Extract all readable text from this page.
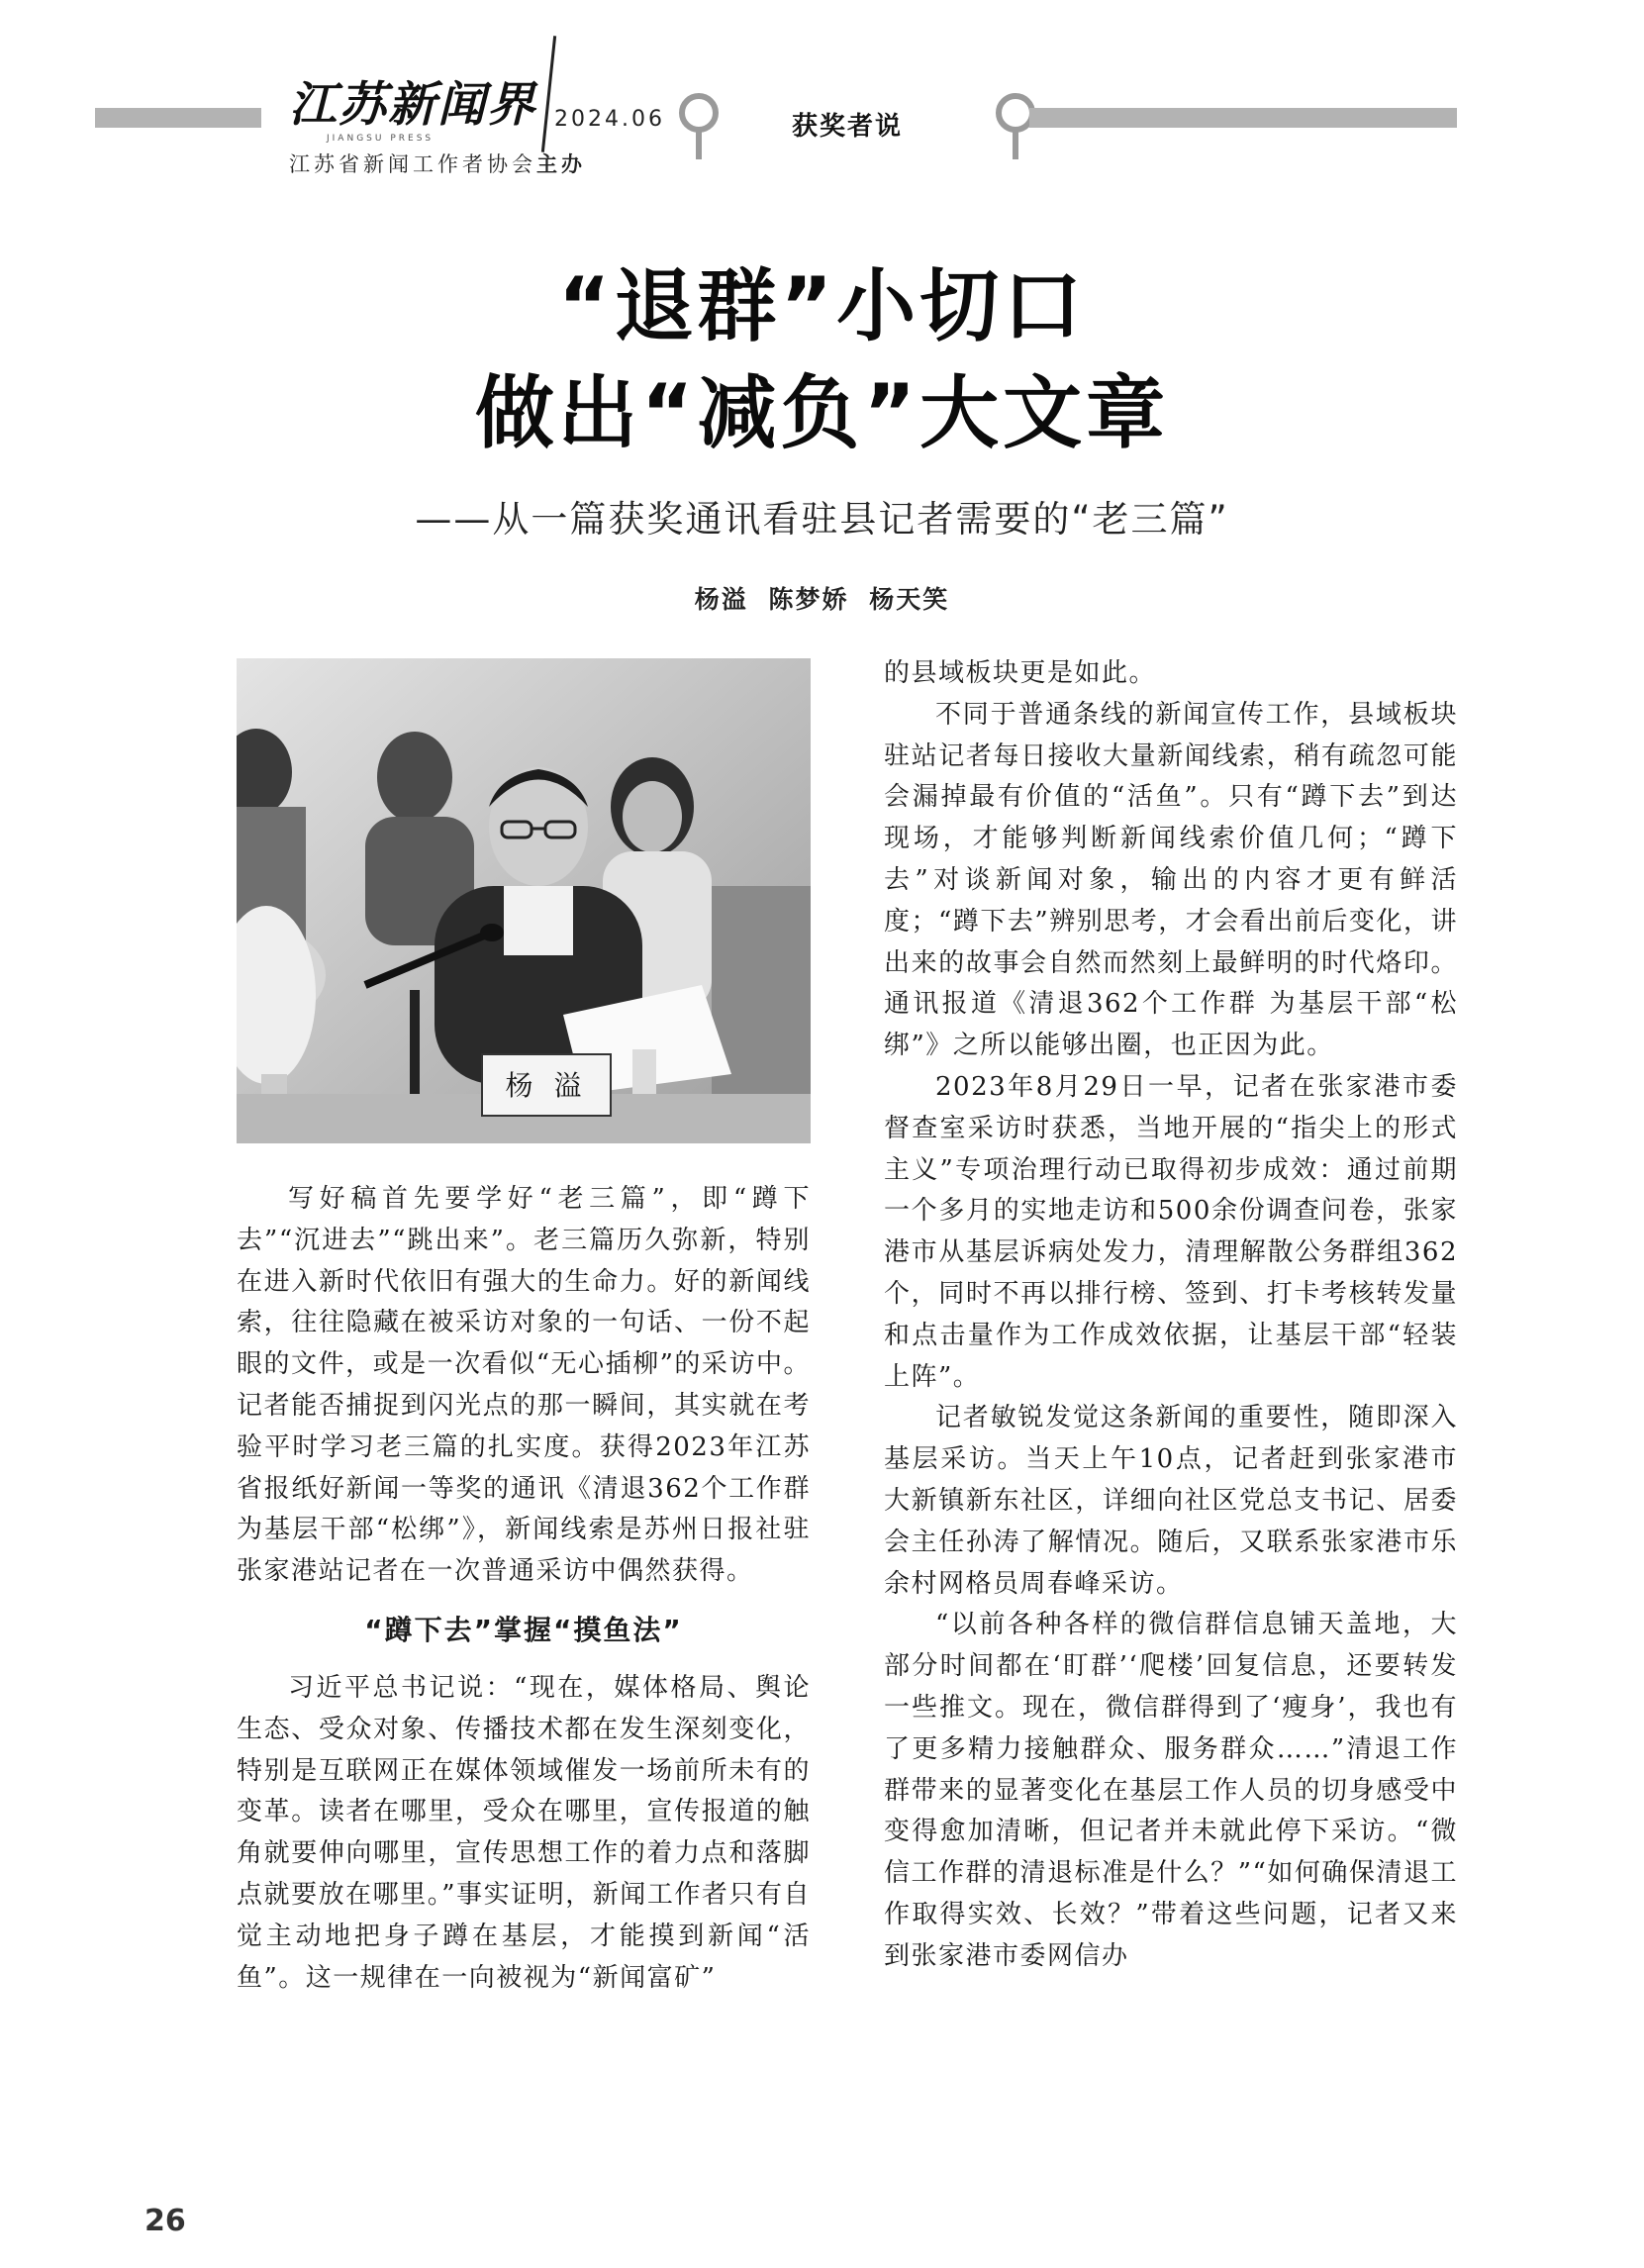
江苏新闻界
JIANGSU PRESS
2024.06
江苏省新闻工作者协会主办
获奖者说
“退群”小切口
做出“减负”大文章
——从一篇获奖通讯看驻县记者需要的“老三篇”
杨溢 陈梦娇 杨天笑
杨 溢

写好稿首先要学好“老三篇”，即“蹲下去”“沉进去”“跳出来”。老三篇历久弥新，特别在进入新时代依旧有强大的生命力。好的新闻线索，往往隐藏在被采访对象的一句话、一份不起眼的文件，或是一次看似“无心插柳”的采访中。记者能否捕捉到闪光点的那一瞬间，其实就在考验平时学习老三篇的扎实度。获得2023年江苏省报纸好新闻一等奖的通讯《清退362个工作群 为基层干部“松绑”》，新闻线索是苏州日报社驻张家港站记者在一次普通采访中偶然获得。

“蹲下去”掌握“摸鱼法”

习近平总书记说：“现在，媒体格局、舆论生态、受众对象、传播技术都在发生深刻变化，特别是互联网正在媒体领域催发一场前所未有的变革。读者在哪里，受众在哪里，宣传报道的触角就要伸向哪里，宣传思想工作的着力点和落脚点就要放在哪里。”事实证明，新闻工作者只有自觉主动地把身子蹲在基层，才能摸到新闻“活鱼”。这一规律在一向被视为“新闻富矿”

的县域板块更是如此。

不同于普通条线的新闻宣传工作，县域板块驻站记者每日接收大量新闻线索，稍有疏忽可能会漏掉最有价值的“活鱼”。只有“蹲下去”到达现场，才能够判断新闻线索价值几何；“蹲下去”对谈新闻对象，输出的内容才更有鲜活度；“蹲下去”辨别思考，才会看出前后变化，讲出来的故事会自然而然刻上最鲜明的时代烙印。通讯报道《清退362个工作群 为基层干部“松绑”》之所以能够出圈，也正因为此。

2023年8月29日一早，记者在张家港市委督查室采访时获悉，当地开展的“指尖上的形式主义”专项治理行动已取得初步成效：通过前期一个多月的实地走访和500余份调查问卷，张家港市从基层诉病处发力，清理解散公务群组362个，同时不再以排行榜、签到、打卡考核转发量和点击量作为工作成效依据，让基层干部“轻装上阵”。

记者敏锐发觉这条新闻的重要性，随即深入基层采访。当天上午10点，记者赶到张家港市大新镇新东社区，详细向社区党总支书记、居委会主任孙涛了解情况。随后，又联系张家港市乐余村网格员周春峰采访。

“以前各种各样的微信群信息铺天盖地，大部分时间都在‘盯群’‘爬楼’回复信息，还要转发一些推文。现在，微信群得到了‘瘦身’，我也有了更多精力接触群众、服务群众……”清退工作群带来的显著变化在基层工作人员的切身感受中变得愈加清晰，但记者并未就此停下采访。“微信工作群的清退标准是什么？”“如何确保清退工作取得实效、长效？”带着这些问题，记者又来到张家港市委网信办

26
